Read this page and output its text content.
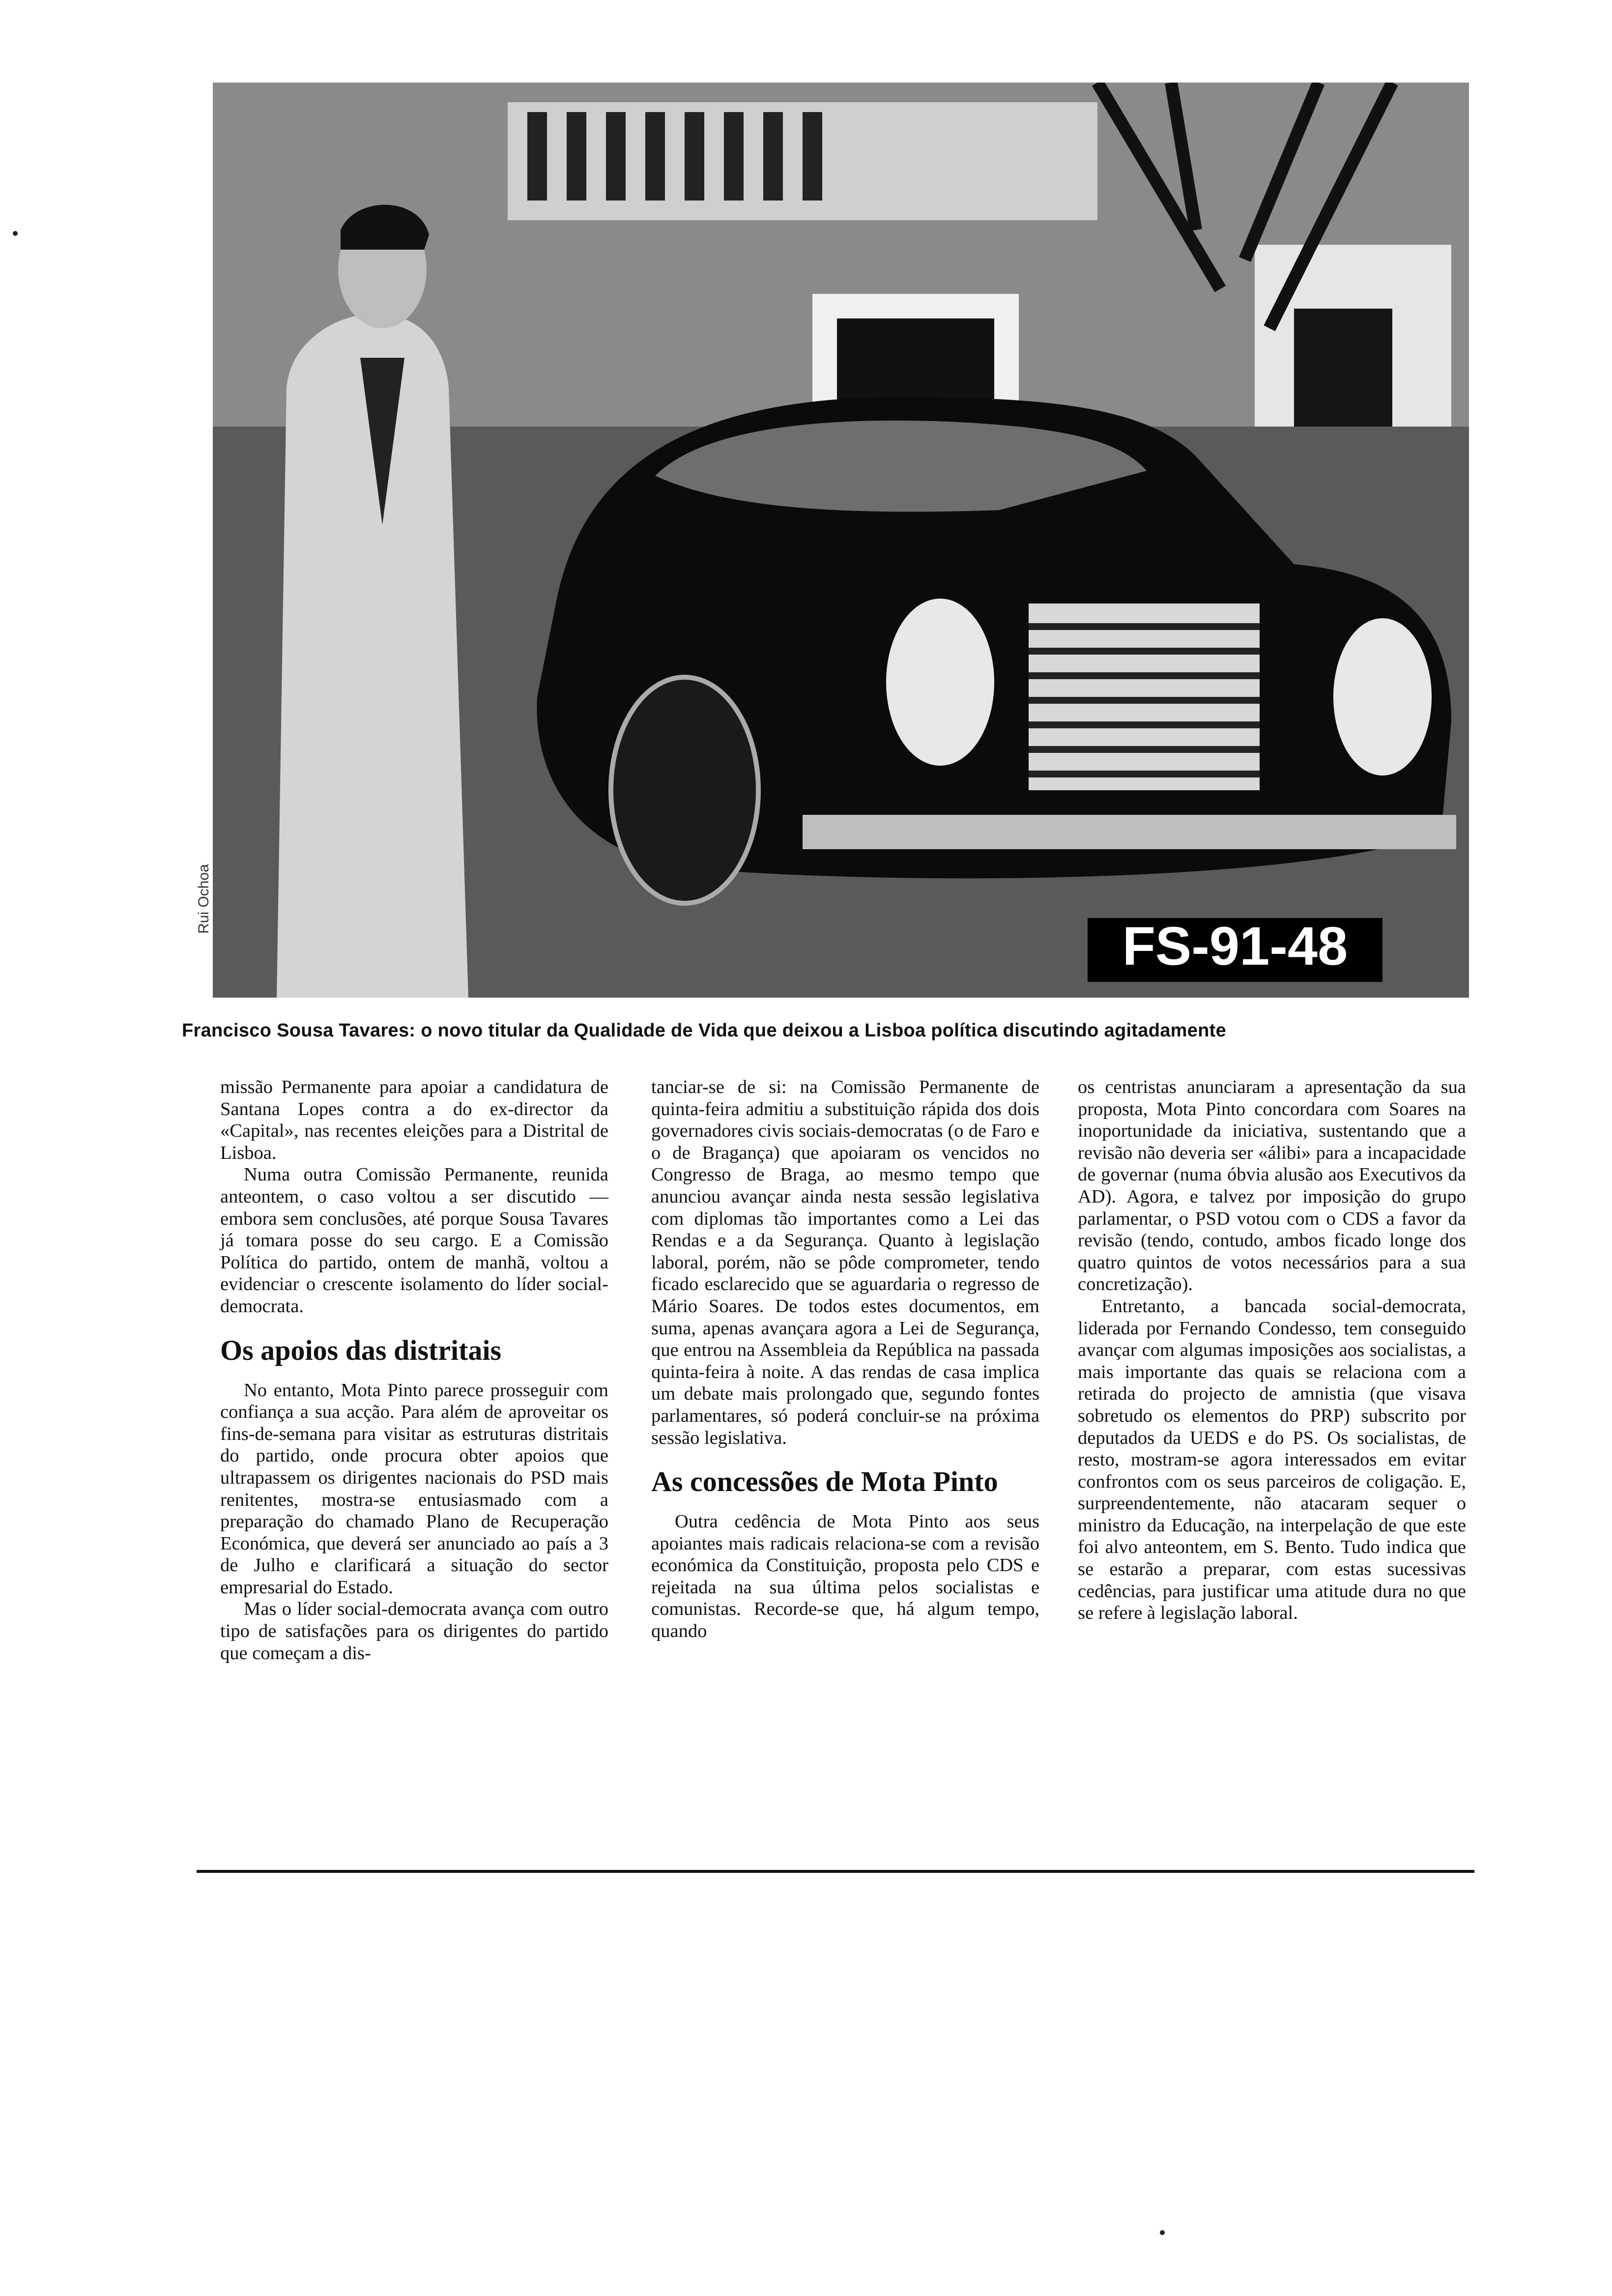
FS-91-48
Rui Ochoa
Francisco Sousa Tavares: o novo titular da Qualidade de Vida que deixou a Lisboa política discutindo agitadamente

missão Permanente para apoiar a candidatura de Santana Lopes contra a do ex-director da «Capital», nas recentes eleições para a Distrital de Lisboa.

Numa outra Comissão Permanente, reunida anteontem, o caso voltou a ser discutido — embora sem conclusões, até porque Sousa Tavares já tomara posse do seu cargo. E a Comissão Política do partido, ontem de manhã, voltou a evidenciar o crescente isolamento do líder social-democrata.

Os apoios das distritais

No entanto, Mota Pinto parece prosseguir com confiança a sua acção. Para além de aproveitar os fins-de-semana para visitar as estruturas distritais do partido, onde procura obter apoios que ultrapassem os dirigentes nacionais do PSD mais renitentes, mostra-se entusiasmado com a preparação do chamado Plano de Recuperação Económica, que deverá ser anunciado ao país a 3 de Julho e clarificará a situação do sector empresarial do Estado.

Mas o líder social-democrata avança com outro tipo de satisfações para os dirigentes do partido que começam a dis-

tanciar-se de si: na Comissão Permanente de quinta-feira admitiu a substituição rápida dos dois governadores civis sociais-democratas (o de Faro e o de Bragança) que apoiaram os vencidos no Congresso de Braga, ao mesmo tempo que anunciou avançar ainda nesta sessão legislativa com diplomas tão importantes como a Lei das Rendas e a da Segurança. Quanto à legislação laboral, porém, não se pôde comprometer, tendo ficado esclarecido que se aguardaria o regresso de Mário Soares. De todos estes documentos, em suma, apenas avançara agora a Lei de Segurança, que entrou na Assembleia da República na passada quinta-feira à noite. A das rendas de casa implica um debate mais prolongado que, segundo fontes parlamentares, só poderá concluir-se na próxima sessão legislativa.

As concessões de Mota Pinto

Outra cedência de Mota Pinto aos seus apoiantes mais radicais relaciona-se com a revisão económica da Constituição, proposta pelo CDS e rejeitada na sua última pelos socialistas e comunistas. Recorde-se que, há algum tempo, quando

os centristas anunciaram a apresentação da sua proposta, Mota Pinto concordara com Soares na inoportunidade da iniciativa, sustentando que a revisão não deveria ser «álibi» para a incapacidade de governar (numa óbvia alusão aos Executivos da AD). Agora, e talvez por imposição do grupo parlamentar, o PSD votou com o CDS a favor da revisão (tendo, contudo, ambos ficado longe dos quatro quintos de votos necessários para a sua concretização).

Entretanto, a bancada social-democrata, liderada por Fernando Condesso, tem conseguido avançar com algumas imposições aos socialistas, a mais importante das quais se relaciona com a retirada do projecto de amnistia (que visava sobretudo os elementos do PRP) subscrito por deputados da UEDS e do PS. Os socialistas, de resto, mostram-se agora interessados em evitar confrontos com os seus parceiros de coligação. E, surpreendentemente, não atacaram sequer o ministro da Educação, na interpelação de que este foi alvo anteontem, em S. Bento. Tudo indica que se estarão a preparar, com estas sucessivas cedências, para justificar uma atitude dura no que se refere à legislação laboral.
